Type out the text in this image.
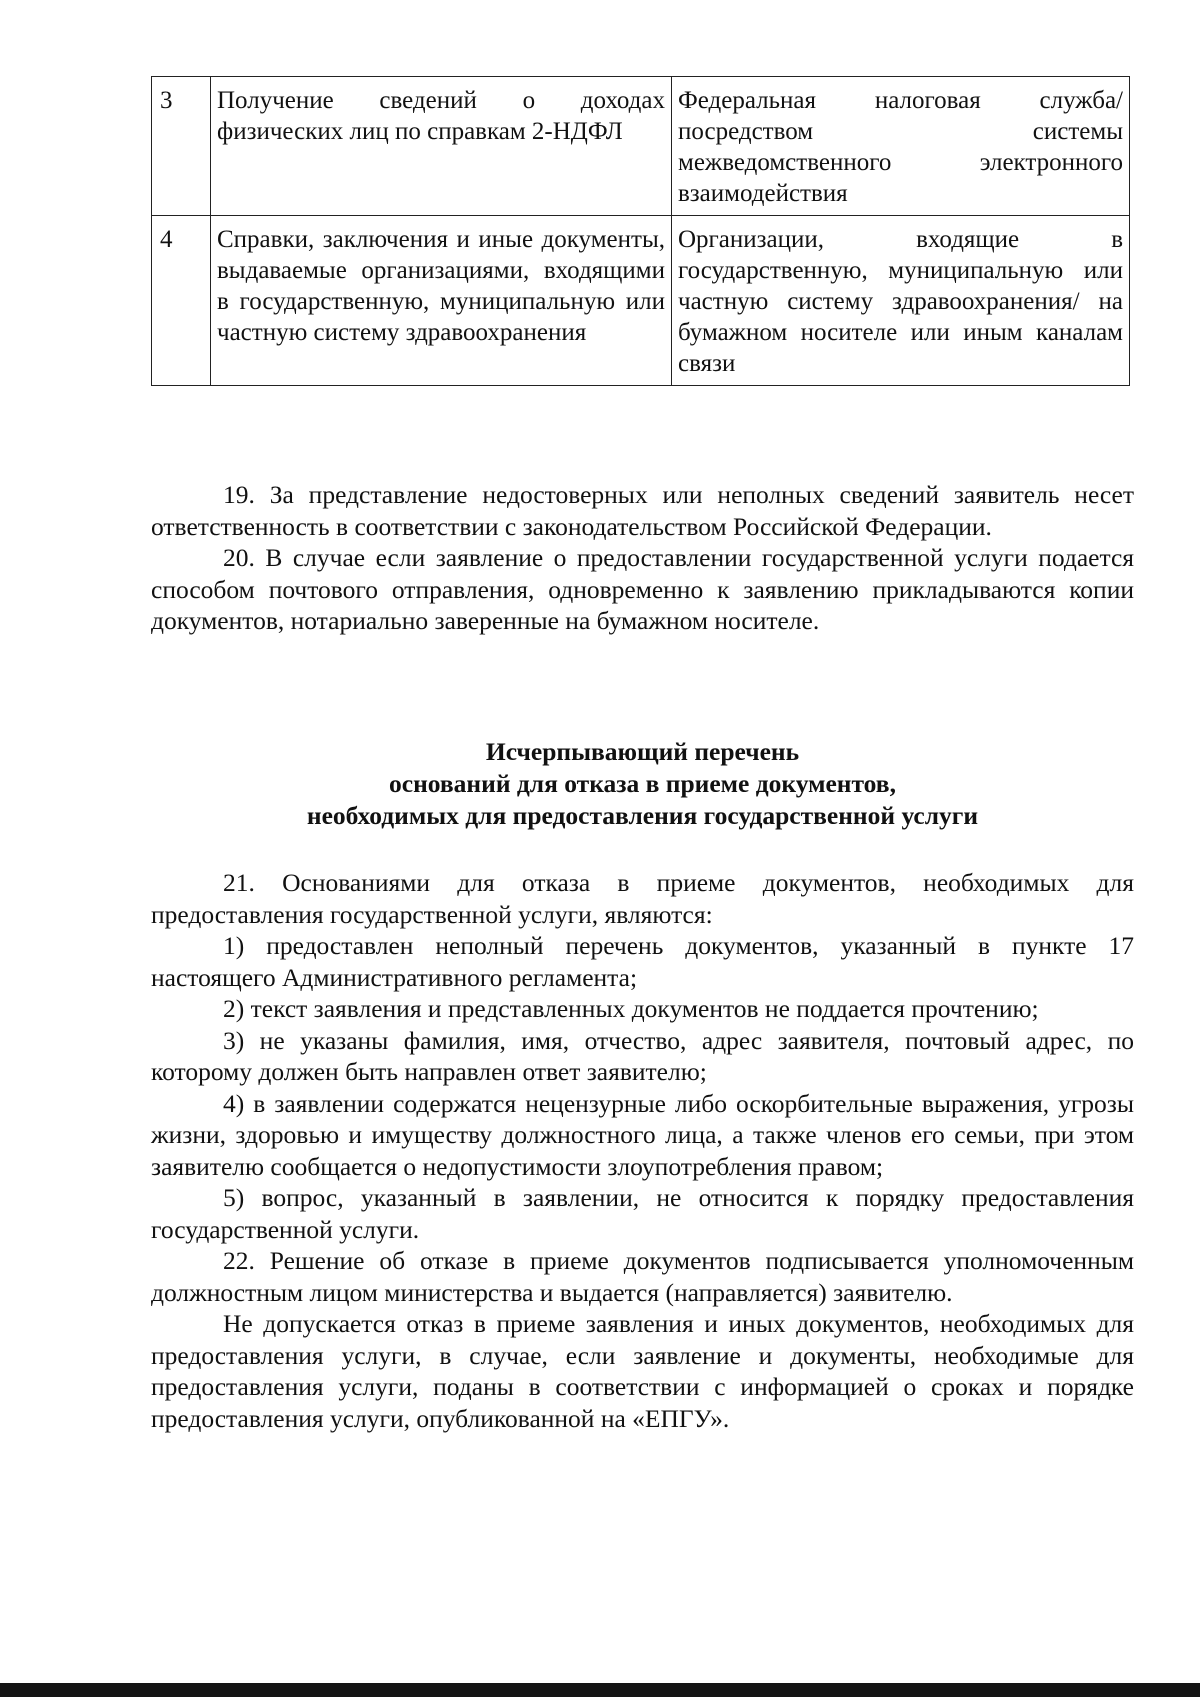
3	Получение сведений о доходах физических лиц по справкам 2-НДФЛ	Федеральная налоговая служба/ посредством системы межведомственного электронного взаимодействия
4	Справки, заключения и иные документы, выдаваемые организациями, входящими в государственную, муниципальную или частную систему здравоохранения	Организации, входящие в государственную, муниципальную или частную систему здравоохранения/ на бумажном носителе или иным каналам связи

19. За представление недостоверных или неполных сведений заявитель несет ответственность в соответствии с законодательством Российской Федерации.

20. В случае если заявление о предоставлении государственной услуги подается способом почтового отправления, одновременно к заявлению прикладываются копии документов, нотариально заверенные на бумажном носителе.

Исчерпывающий перечень
оснований для отказа в приеме документов,
необходимых для предоставления государственной услуги

21. Основаниями для отказа в приеме документов, необходимых для предоставления государственной услуги, являются:

1) предоставлен неполный перечень документов, указанный в пункте 17 настоящего Административного регламента;

2) текст заявления и представленных документов не поддается прочтению;

3) не указаны фамилия, имя, отчество, адрес заявителя, почтовый адрес, по которому должен быть направлен ответ заявителю;

4) в заявлении содержатся нецензурные либо оскорбительные выражения, угрозы жизни, здоровью и имуществу должностного лица, а также членов его семьи, при этом заявителю сообщается о недопустимости злоупотребления правом;

5) вопрос, указанный в заявлении, не относится к порядку предоставления государственной услуги.

22. Решение об отказе в приеме документов подписывается уполномоченным должностным лицом министерства и выдается (направляется) заявителю.

Не допускается отказ в приеме заявления и иных документов, необходимых для предоставления услуги, в случае, если заявление и документы, необходимые для предоставления услуги, поданы в соответствии с информацией о сроках и порядке предоставления услуги, опубликованной на «ЕПГУ».
